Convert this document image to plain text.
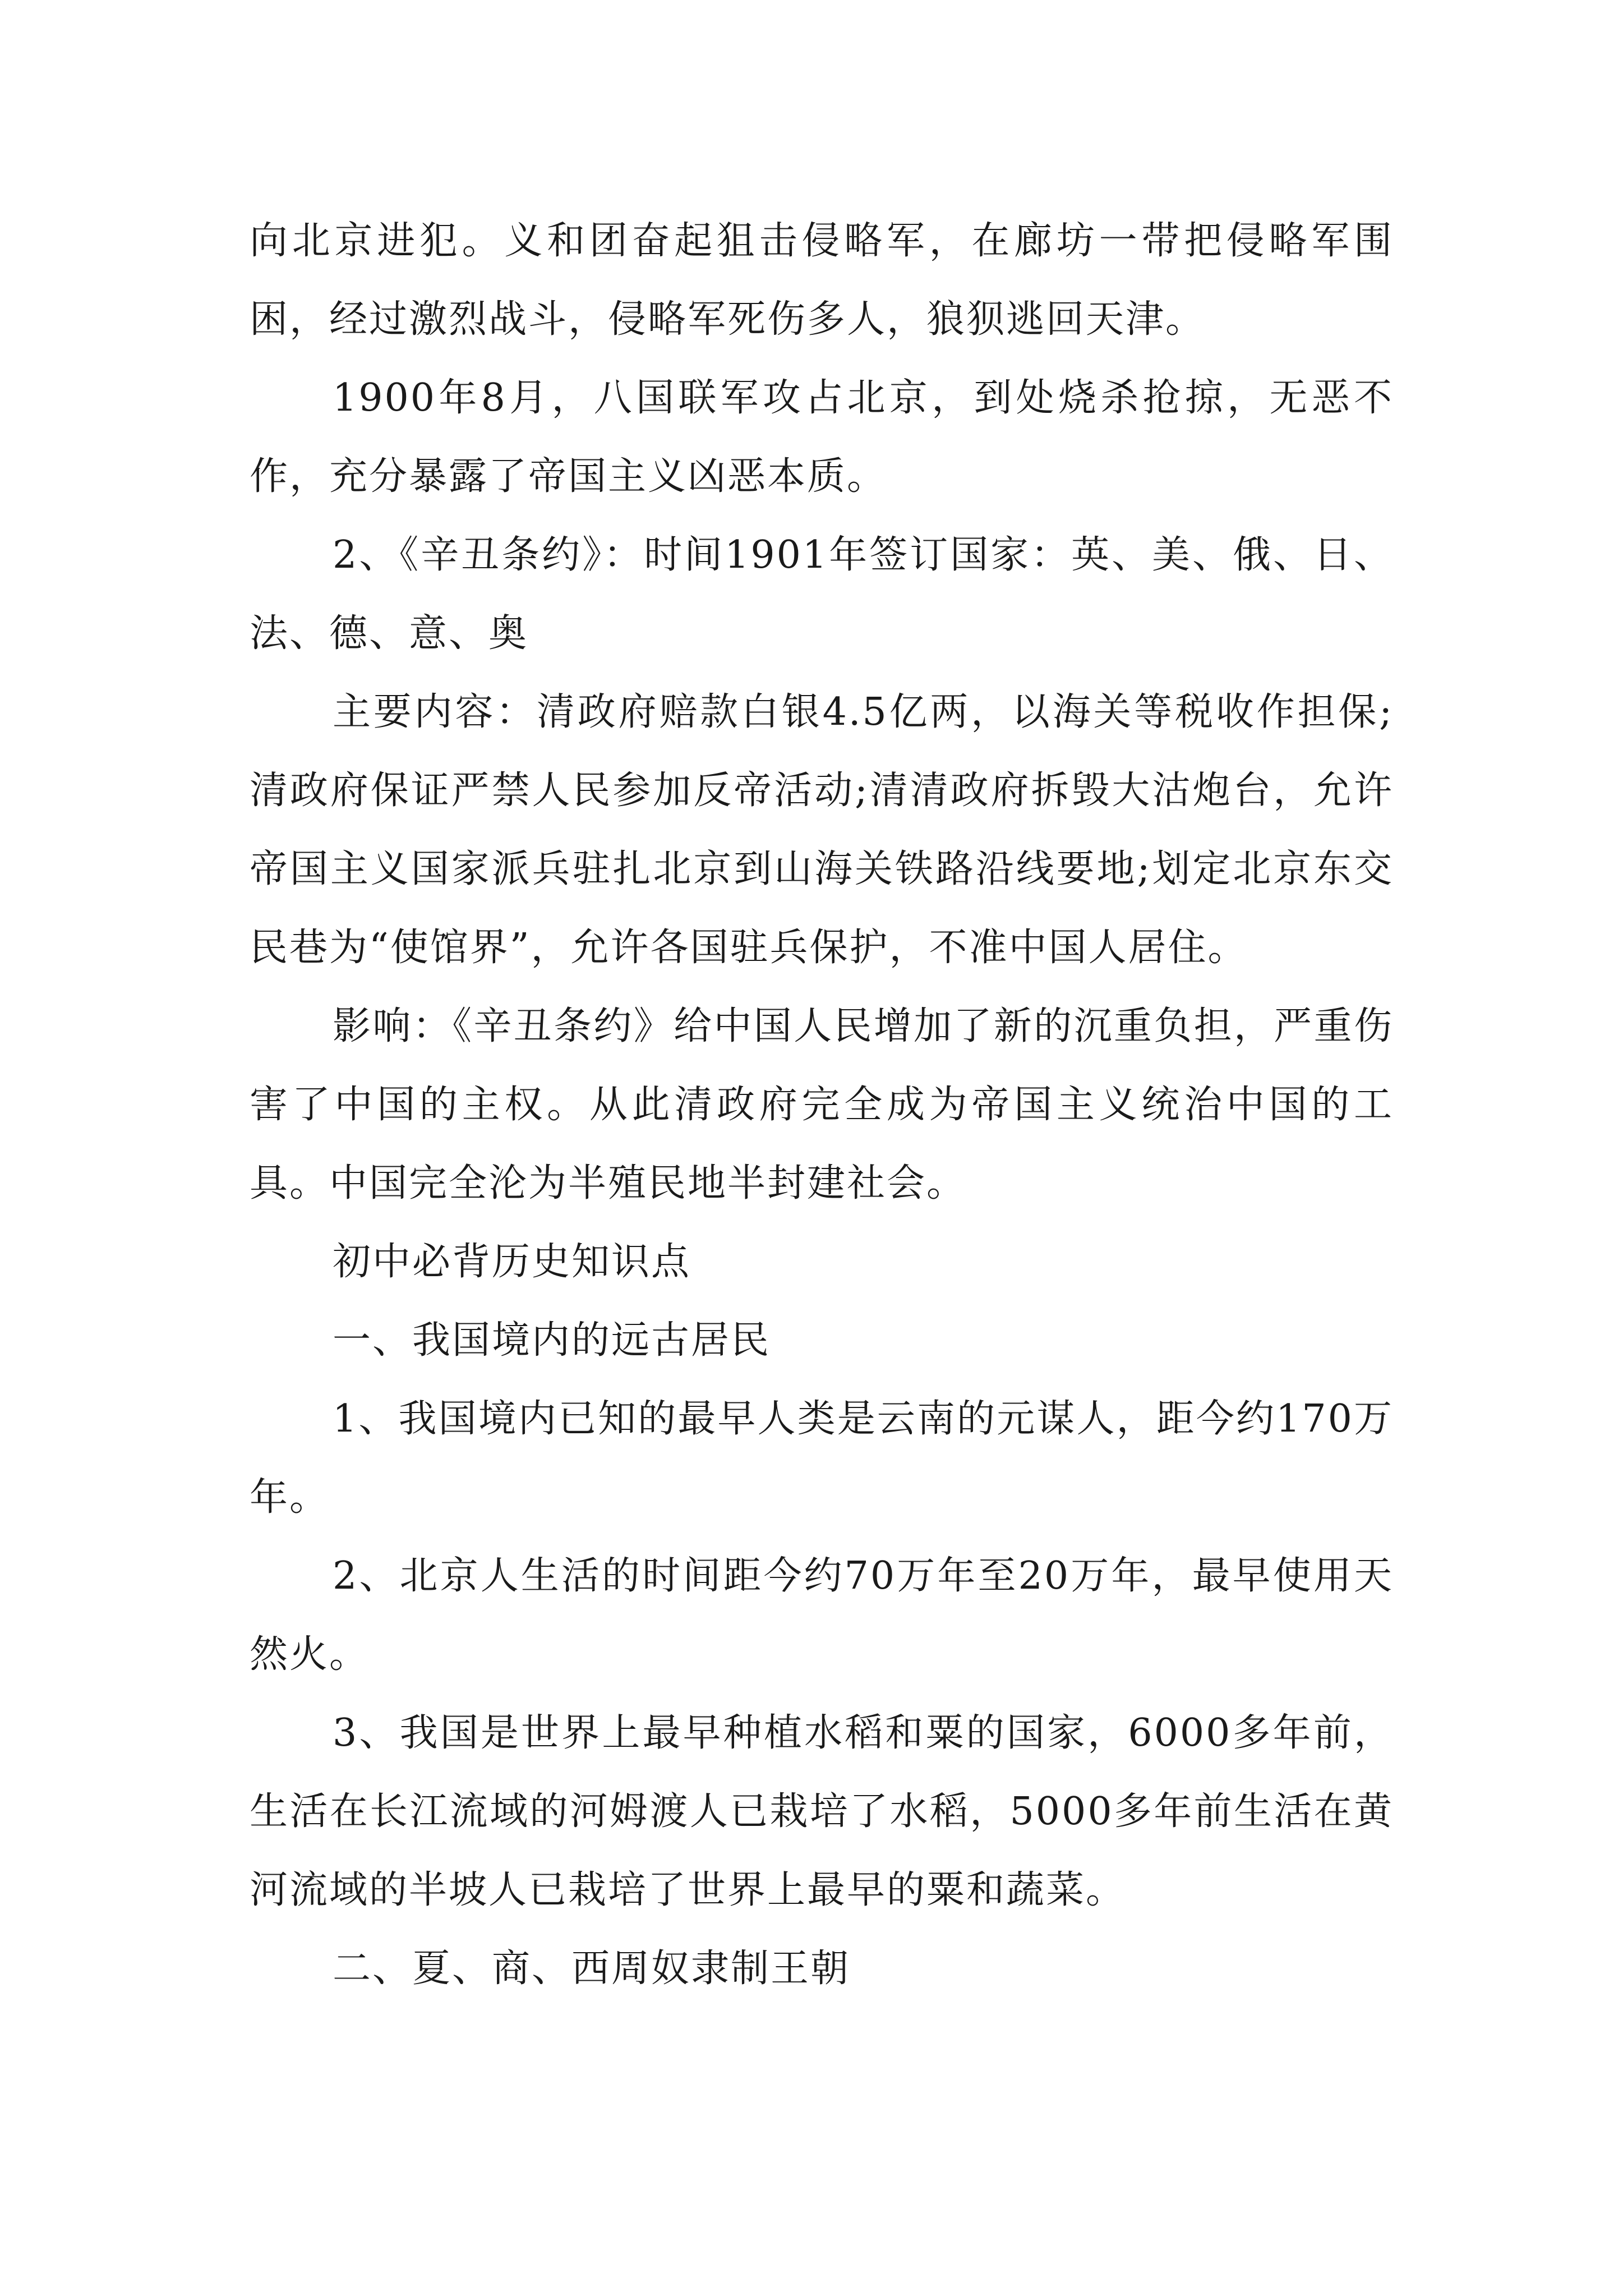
向北京进犯。义和团奋起狙击侵略军，在廊坊一带把侵略军围困，经过激烈战斗，侵略军死伤多人，狼狈逃回天津。

1900年8月，八国联军攻占北京，到处烧杀抢掠，无恶不作，充分暴露了帝国主义凶恶本质。

2、《辛丑条约》：时间1901年签订国家：英、美、俄、日、法、德、意、奥

主要内容：清政府赔款白银4.5亿两，以海关等税收作担保;清政府保证严禁人民参加反帝活动;清清政府拆毁大沽炮台，允许帝国主义国家派兵驻扎北京到山海关铁路沿线要地;划定北京东交民巷为“使馆界”，允许各国驻兵保护，不准中国人居住。

影响：《辛丑条约》给中国人民增加了新的沉重负担，严重伤害了中国的主权。从此清政府完全成为帝国主义统治中国的工具。中国完全沦为半殖民地半封建社会。

初中必背历史知识点

一、我国境内的远古居民

1、我国境内已知的最早人类是云南的元谋人，距今约170万年。

2、北京人生活的时间距今约70万年至20万年，最早使用天然火。

3、我国是世界上最早种植水稻和粟的国家，6000多年前，生活在长江流域的河姆渡人已栽培了水稻，5000多年前生活在黄河流域的半坡人已栽培了世界上最早的粟和蔬菜。

二、夏、商、西周奴隶制王朝
